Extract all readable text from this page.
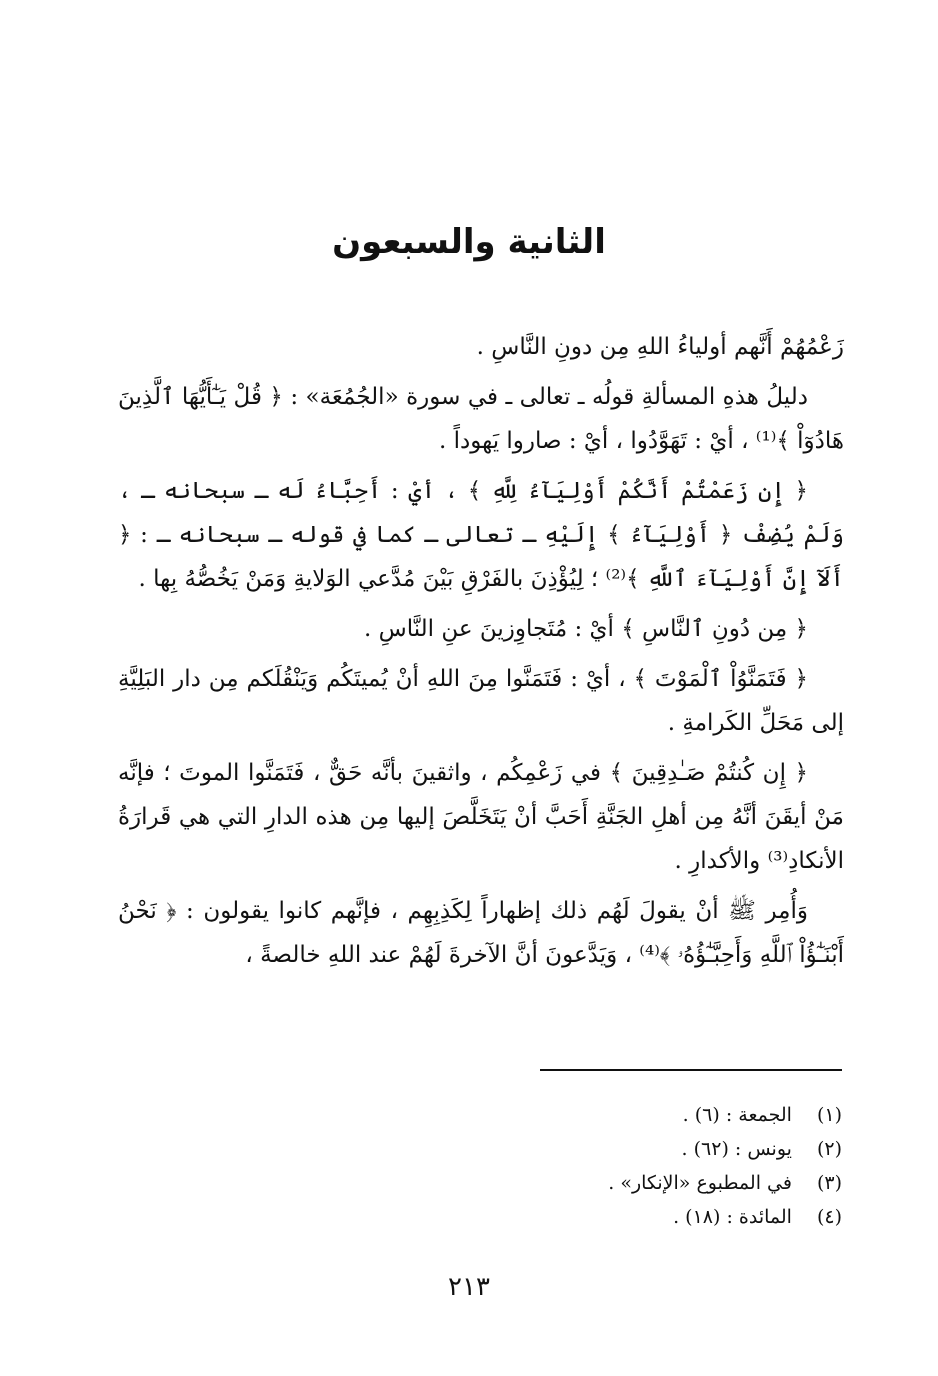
الثانية والسبعون

زَعْمُهُمْ أَنَّهم أولياءُ اللهِ مِن دونِ النَّاسِ .

دليلُ هذهِ المسألةِ قولُه ـ تعالى ـ في سورة «الجُمُعَة» : ﴿ قُلْ يَـٰٓأَيُّهَا ٱلَّذِينَ هَادُوٓاْ ﴾⁽¹⁾ ، أيْ : تَهَوَّدُوا ، أيْ : صاروا يَهوداً .

﴿ إِن زَعَمْتُمْ أَنَّكُمْ أَوْلِيَآءُ لِلَّهِ ﴾ ، أيْ : أَحِبَّاءُ لَه ـ سبحانه ـ ، وَلَمْ يُضِفْ ﴿ أَوْلِيَآءُ ﴾ إِلَيْهِ ـ تعالى ـ كما في قوله ـ سبحانه ـ : ﴿ أَلَآ إِنَّ أَوْلِيَآءَ ٱللَّهِ ﴾⁽²⁾ ؛ لِيُؤْذِنَ بالفَرْقِ بَيْنَ مُدَّعي الوَلايةِ وَمَنْ يَخُصُّهُ بِها .

﴿ مِن دُونِ ٱلنَّاسِ ﴾ أيْ : مُتَجاوِزينَ عنِ النَّاسِ .

﴿ فَتَمَنَّوُاْ ٱلْمَوْتَ ﴾ ، أيْ : فَتَمَنَّوا مِنَ اللهِ أنْ يُميتَكُم وَيَنْقُلَكم مِن دار البَلِيَّةِ إلى مَحَلِّ الكَرامةِ .

﴿ إِن كُنتُمْ صَـٰدِقِينَ ﴾ في زَعْمِكُم ، واثقينَ بأنَّه حَقٌّ ، فَتَمَنَّوا الموتَ ؛ فإنَّه مَنْ أيقَنَ أنَّهُ مِن أهلِ الجَنَّةِ أَحَبَّ أنْ يَتَخَلَّصَ إليها مِن هذه الدارِ التي هي قَرارَةُ الأنكادِ⁽³⁾ والأكدارِ .

وَأُمِر ﷺ أنْ يقولَ لَهُم ذلك إظهاراً لِكَذِبِهِم ، فإنَّهم كانوا يقولون : ﴿ نَحْنُ أَبْنَـٰٓؤُاْ ٱللَّهِ وَأَحِبَّـٰٓؤُهُۥ ﴾⁽⁴⁾ ، وَيَدَّعونَ أنَّ الآخرةَ لَهُمْ عند اللهِ خالصةً ،

(١) الجمعة : (٦) .
(٢) يونس : (٦٢) .
(٣) في المطبوع «الإنكار» .
(٤) المائدة : (١٨) .
٢١٣
